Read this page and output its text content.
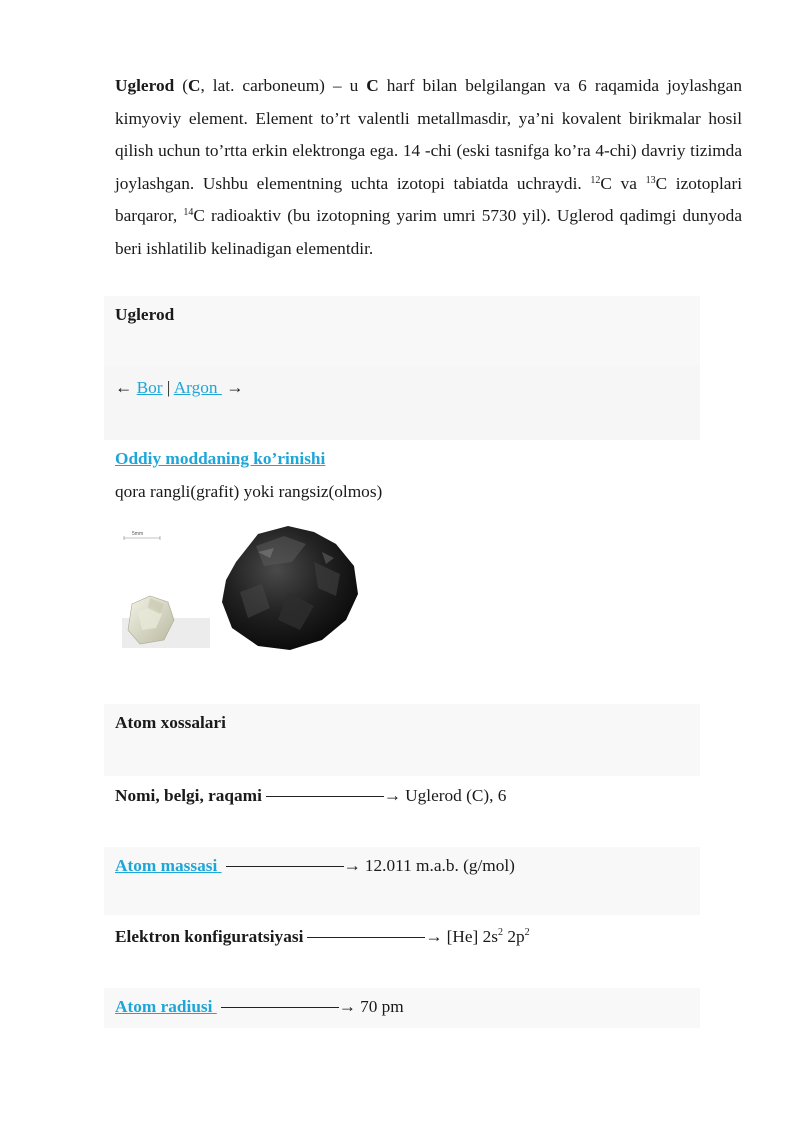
Uglerod (C, lat. carboneum) – u C harf bilan belgilangan va 6 raqamida joylashgan kimyoviy element. Element to’rt valentli metallmasdir, ya’ni kovalent birikmalar hosil qilish uchun to’rtta erkin elektronga ega. 14 -chi (eski tasnifga ko’ra 4-chi) davriy tizimda joylashgan. Ushbu elementning uchta izotopi tabiatda uchraydi. $^{12}$C va $^{13}$C izotoplari barqaror, $^{14}$C radioaktiv (bu izotopning yarim umri 5730 yil). Uglerod qadimgi dunyoda beri ishlatilib kelinadigan elementdir.
Uglerod
← Bor | Argon →
Oddiy moddaning ko’rinishi
qora rangli(grafit) yoki rangsiz(olmos)
5mm
Atom xossalari
Nomi, belgi, raqami	→ Uglerod (C), 6
Atom massasi	→ 12.011 m.a.b. (g/mol)
Elektron konfiguratsiyasi	→ [He] $2s^2$ $2p^2$
Atom radiusi	→ 70 pm
